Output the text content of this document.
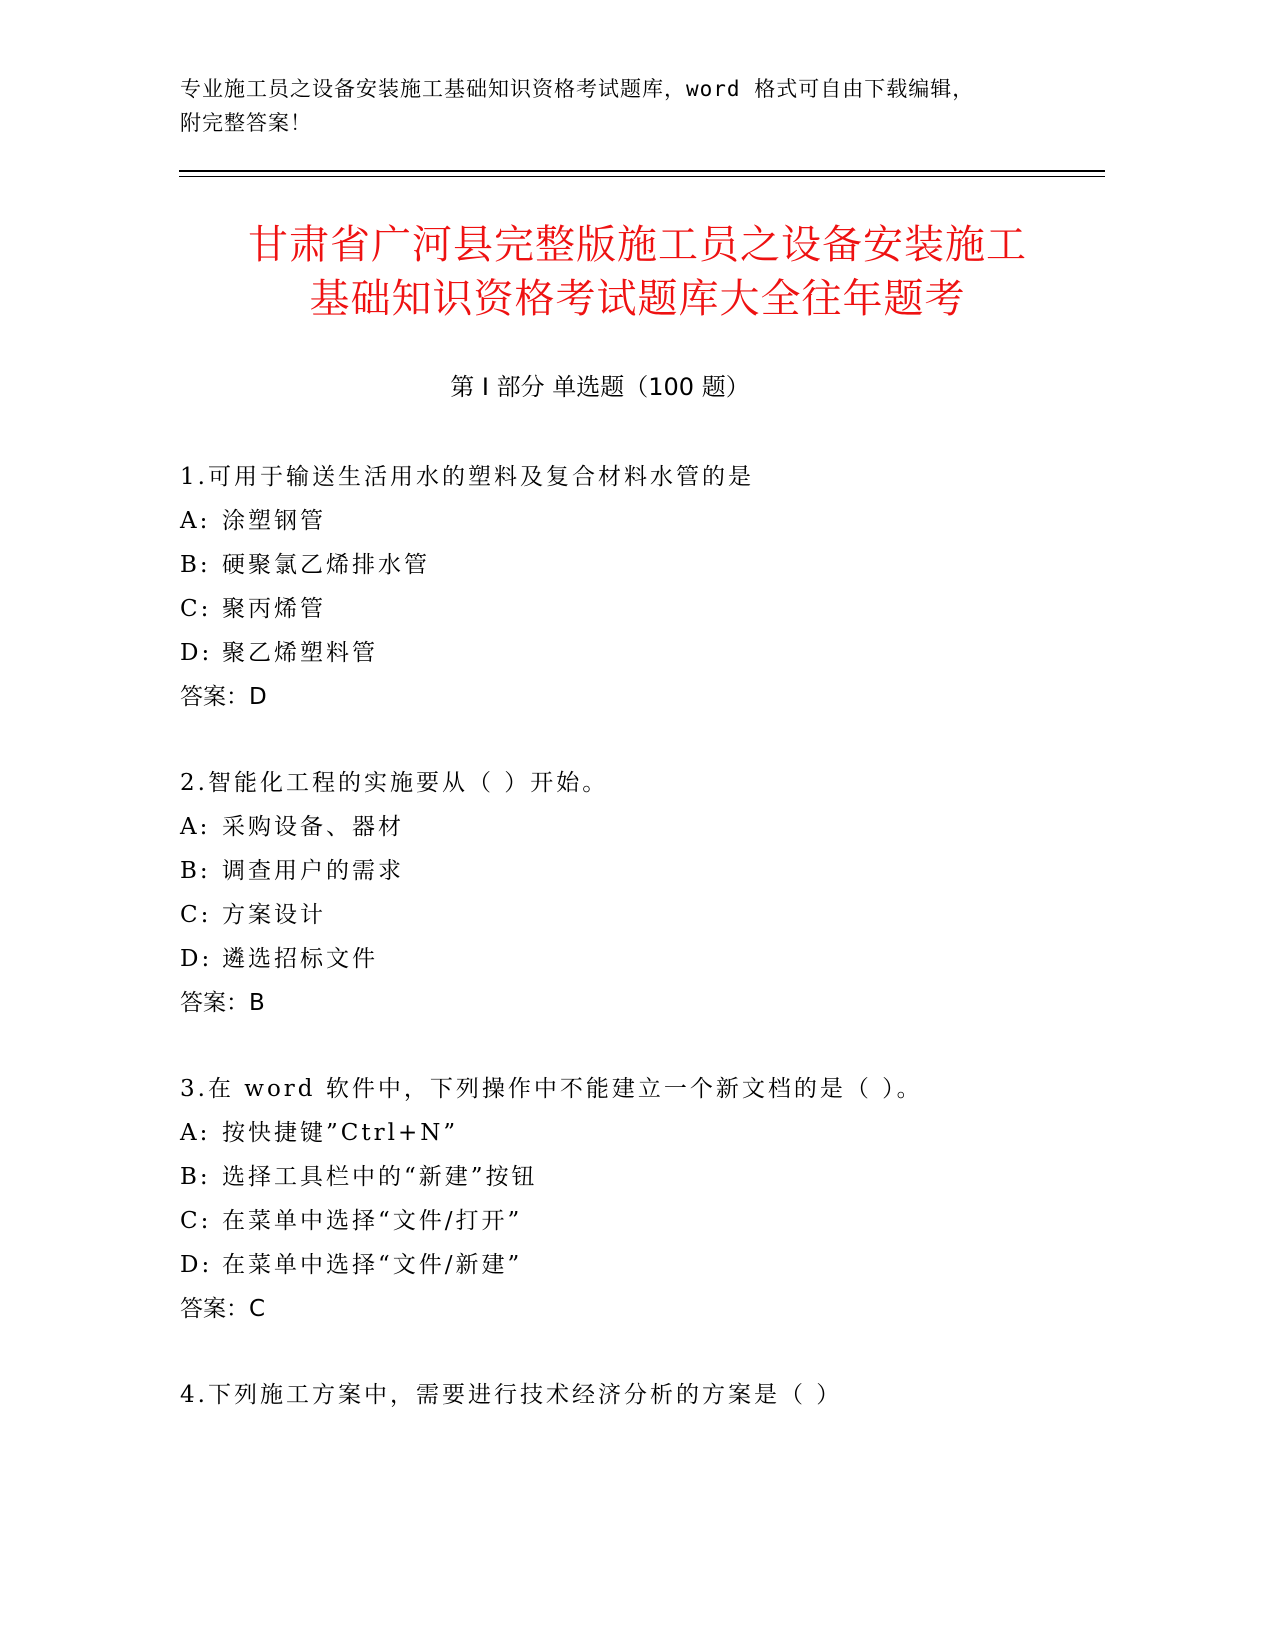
专业施工员之设备安装施工基础知识资格考试题库，word 格式可自由下载编辑，
附完整答案！
甘肃省广河县完整版施工员之设备安装施工
基础知识资格考试题库大全往年题考
第 I 部分 单选题（100 题）
1.可用于输送生活用水的塑料及复合材料水管的是
A: 涂塑钢管
B: 硬聚氯乙烯排水管
C: 聚丙烯管
D: 聚乙烯塑料管
答案：D
2.智能化工程的实施要从（ ）开始。
A: 采购设备、器材
B: 调查用户的需求
C: 方案设计
D: 遴选招标文件
答案：B
3.在 word 软件中，下列操作中不能建立一个新文档的是（ ）。
A: 按快捷键”Ctrl+N”
B: 选择工具栏中的“新建”按钮
C: 在菜单中选择“文件/打开”
D: 在菜单中选择“文件/新建”
答案：C
4.下列施工方案中，需要进行技术经济分析的方案是（ ）
